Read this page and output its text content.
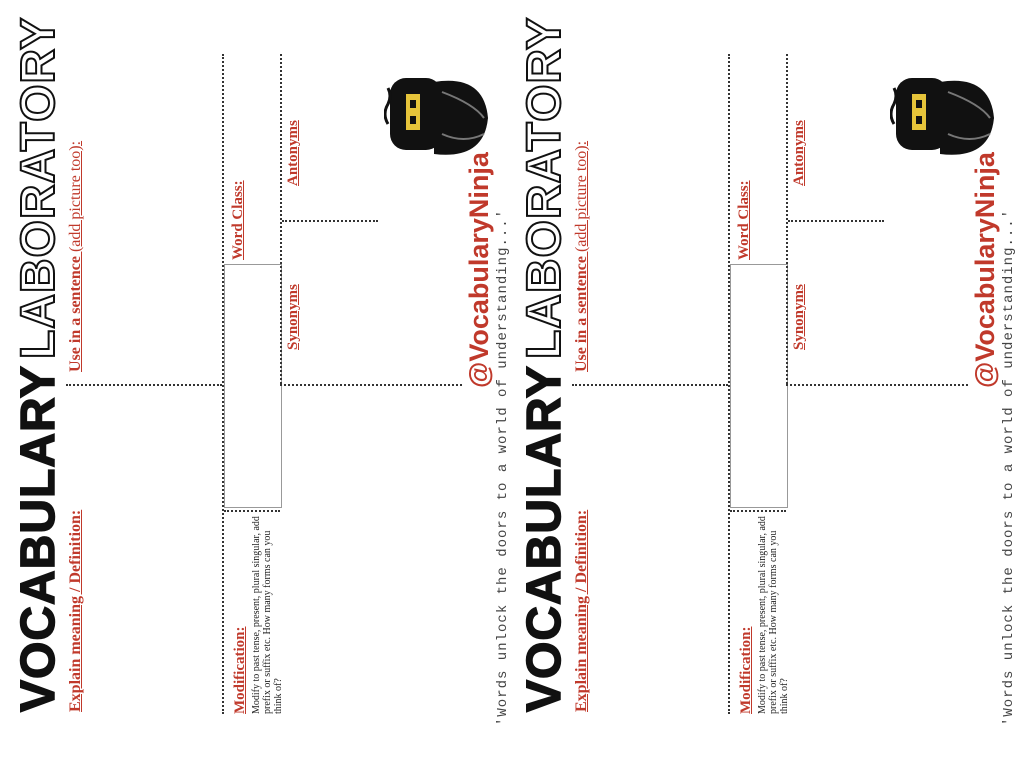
VOCABULARYLABORATORY
Explain meaning / Definition:
Use in a sentence (add picture too):	Word Class:
Modification: Modify to past tense, present, plural singular, add prefix or suffix etc. How many forms can you think of?
Synonyms
Antonyms	@VocabularyNinja 'Words unlock the doors to a world of understanding...' VOCABULARYLABORATORY
Explain meaning / Definition:
Use in a sentence (add picture too):	Word Class:
Modification: Modify to past tense, present, plural singular, add prefix or suffix etc. How many forms can you think of?
Synonyms
Antonyms	@VocabularyNinja 'Words unlock the doors to a world of understanding...'
